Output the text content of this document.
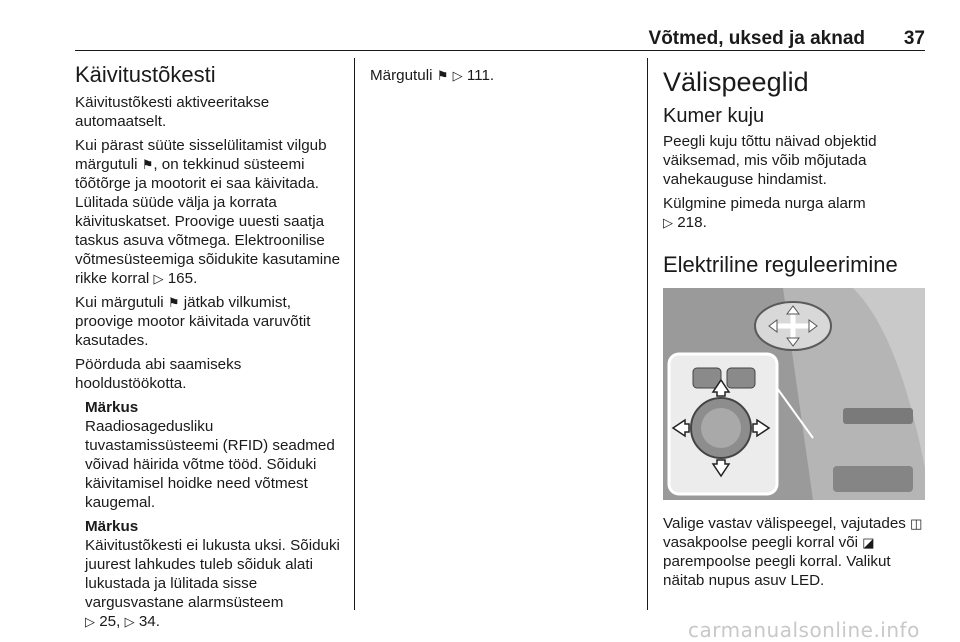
Võtmed, uksed ja aknad 37
Käivitustõkesti

Käivitustõkesti aktiveeritakse automaatselt.

Kui pärast süüte sisselülitamist vilgub märgutuli ⚑, on tekkinud süsteemi tõõtõrge ja mootorit ei saa käivitada. Lülitada süüde välja ja korrata käivituskatset. Proovige uuesti saatja taskus asuva võtmega. Elektroonilise võtmesüsteemiga sõidukite kasutamine rikke korral ▷ 165.

Kui märgutuli ⚑ jätkab vilkumist, proovige mootor käivitada varuvõtit kasutades.

Pöörduda abi saamiseks hooldustöökotta.

Märkus

Raadiosagedusliku tuvastamissüsteemi (RFID) seadmed võivad häirida võtme tööd. Sõiduki käivitamisel hoidke need võtmest kaugemal.

Märkus

Käivitustõkesti ei lukusta uksi. Sõiduki juurest lahkudes tuleb sõiduk alati lukustada ja lülitada sisse vargusvastane alarmsüsteem
▷ 25, ▷ 34.

Märgutuli ⚑ ▷ 111.	Välispeeglid
Kumer kuju

Peegli kuju tõttu näivad objektid väiksemad, mis võib mõjutada vahekauguse hindamist.

Külgmine pimeda nurga alarm
▷ 218.

Elektriline reguleerimine

Valige vastav välispeegel, vajutades ◫ vasakpoolse peegli korral või ◪ parempoolse peegli korral. Valikut näitab nupus asuv LED.

carmanualsonline.info
